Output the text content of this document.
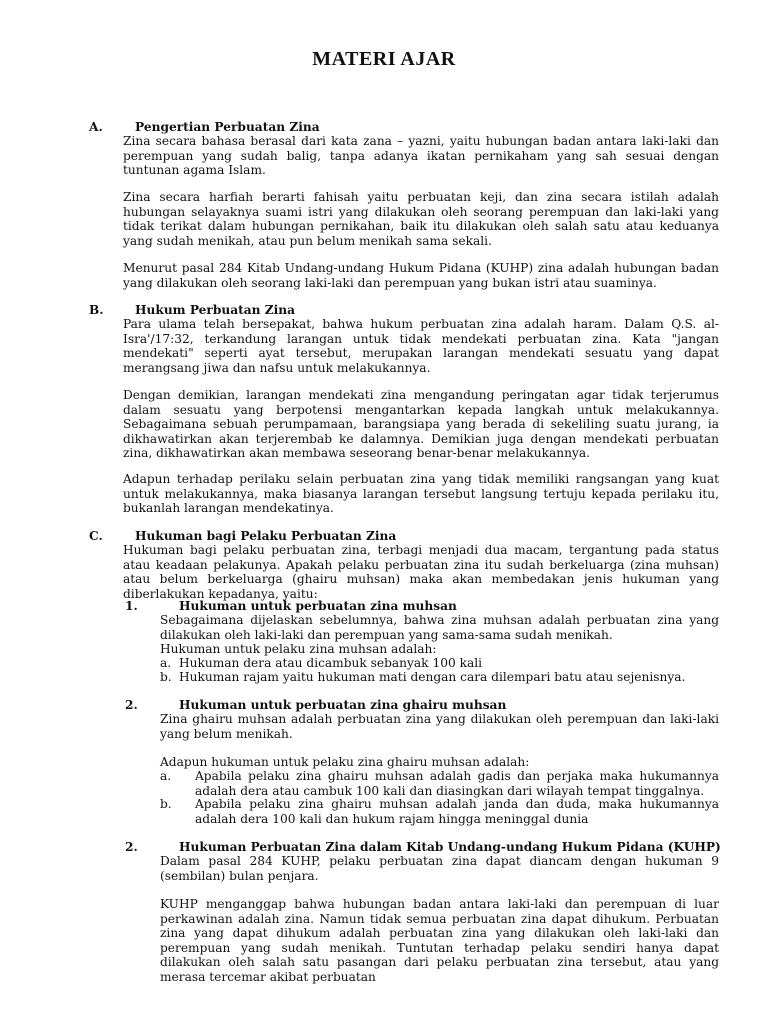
MATERI AJAR
A.	Pengertian Perbuatan Zina

Zina secara bahasa berasal dari kata zana – yazni, yaitu hubungan badan antara laki-laki dan perempuan yang sudah balig, tanpa adanya ikatan pernikaham yang sah sesuai dengan tuntunan agama Islam.

Zina secara harfiah berarti fahisah yaitu perbuatan keji, dan zina secara istilah adalah hubungan selayaknya suami istri yang dilakukan oleh seorang perempuan dan laki-laki yang tidak terikat dalam hubungan pernikahan, baik itu dilakukan oleh salah satu atau keduanya yang sudah menikah, atau pun belum menikah sama sekali.

Menurut pasal 284 Kitab Undang-undang Hukum Pidana (KUHP) zina adalah hubungan badan yang dilakukan oleh seorang laki-laki dan perempuan yang bukan istri atau suaminya.

B.	Hukum Perbuatan Zina

Para ulama telah bersepakat, bahwa hukum perbuatan zina adalah haram. Dalam Q.S. al-Isra'/17:32, terkandung larangan untuk tidak mendekati perbuatan zina. Kata "jangan mendekati" seperti ayat tersebut, merupakan larangan mendekati sesuatu yang dapat merangsang jiwa dan nafsu untuk melakukannya.

Dengan demikian, larangan mendekati zina mengandung peringatan agar tidak terjerumus dalam sesuatu yang berpotensi mengantarkan kepada langkah untuk melakukannya. Sebagaimana sebuah perumpamaan, barangsiapa yang berada di sekeliling suatu jurang, ia dikhawatirkan akan terjerembab ke dalamnya. Demikian juga dengan mendekati perbuatan zina, dikhawatirkan akan membawa seseorang benar-benar melakukannya.

Adapun terhadap perilaku selain perbuatan zina yang tidak memiliki rangsangan yang kuat untuk melakukannya, maka biasanya larangan tersebut langsung tertuju kepada perilaku itu, bukanlah larangan mendekatinya.

C.	Hukuman bagi Pelaku Perbuatan Zina

Hukuman bagi pelaku perbuatan zina, terbagi menjadi dua macam, tergantung pada status atau keadaan pelakunya. Apakah pelaku perbuatan zina itu sudah berkeluarga (zina muhsan) atau belum berkeluarga (ghairu muhsan) maka akan membedakan jenis hukuman yang diberlakukan kepadanya, yaitu:

1.	Hukuman untuk perbuatan zina muhsan

Sebagaimana dijelaskan sebelumnya, bahwa zina muhsan adalah perbuatan zina yang dilakukan oleh laki-laki dan perempuan yang sama-sama sudah menikah.

Hukuman untuk pelaku zina muhsan adalah:

a. Hukuman dera atau dicambuk sebanyak 100 kali
b. Hukuman rajam yaitu hukuman mati dengan cara dilempari batu atau sejenisnya.
2.	Hukuman untuk perbuatan zina ghairu muhsan

Zina ghairu muhsan adalah perbuatan zina yang dilakukan oleh perempuan dan laki-laki yang belum menikah.

Adapun hukuman untuk pelaku zina ghairu muhsan adalah:

a. Apabila pelaku zina ghairu muhsan adalah gadis dan perjaka maka hukumannya adalah dera atau cambuk 100 kali dan diasingkan dari wilayah tempat tinggalnya.
b. Apabila pelaku zina ghairu muhsan adalah janda dan duda, maka hukumannya adalah dera 100 kali dan hukum rajam hingga meninggal dunia
2.	Hukuman Perbuatan Zina dalam Kitab Undang-undang Hukum Pidana (KUHP)

Dalam pasal 284 KUHP, pelaku perbuatan zina dapat diancam dengan hukuman 9 (sembilan) bulan penjara.

KUHP menganggap bahwa hubungan badan antara laki-laki dan perempuan di luar perkawinan adalah zina. Namun tidak semua perbuatan zina dapat dihukum. Perbuatan zina yang dapat dihukum adalah perbuatan zina yang dilakukan oleh laki-laki dan perempuan yang sudah menikah. Tuntutan terhadap pelaku sendiri hanya dapat dilakukan oleh salah satu pasangan dari pelaku perbuatan zina tersebut, atau yang merasa tercemar akibat perbuatan
